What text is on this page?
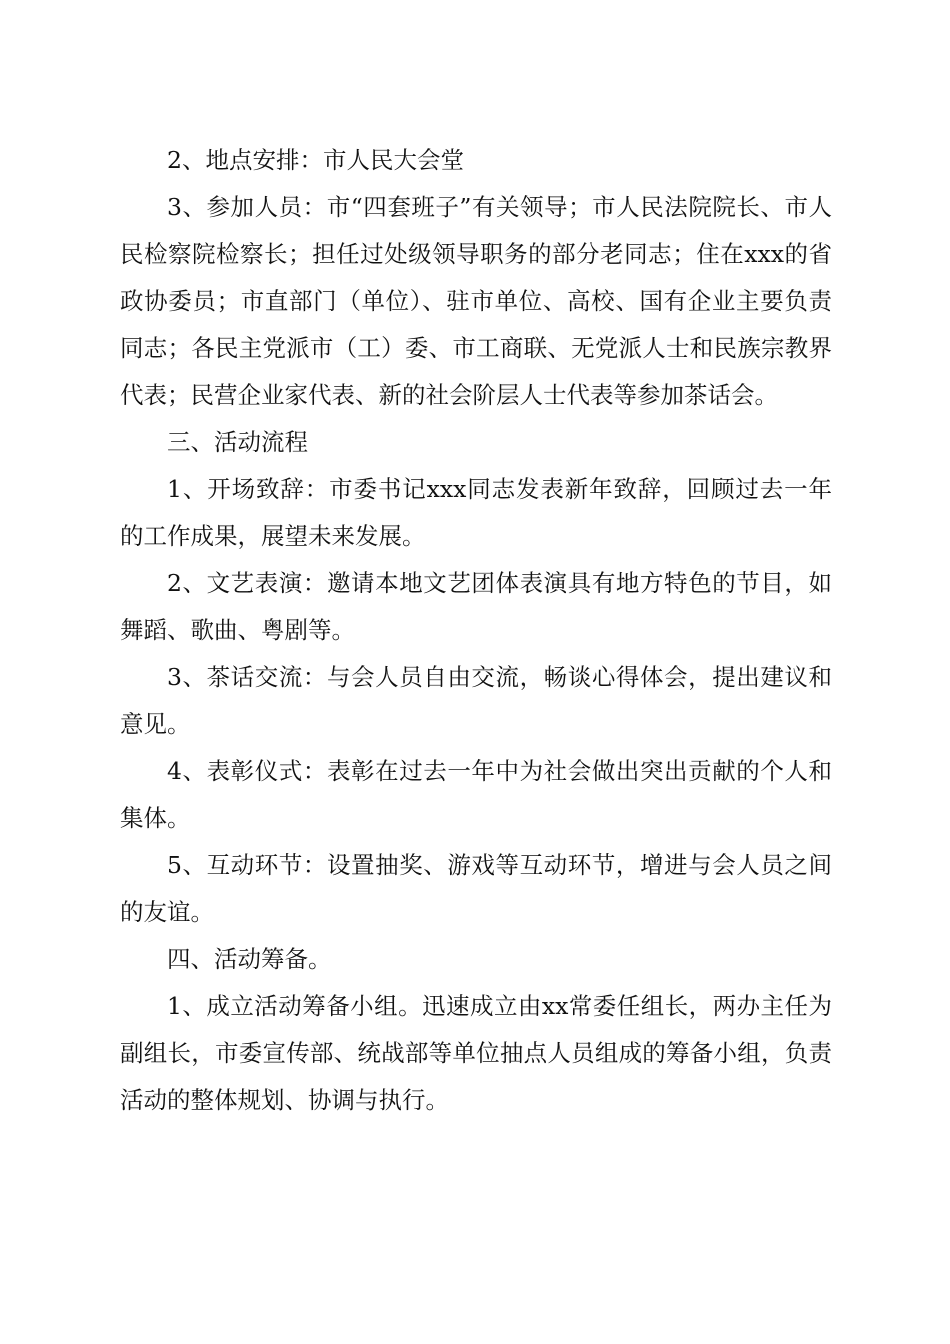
2、地点安排：市人民大会堂

3、参加人员：市“四套班子”有关领导；市人民法院院长、市人民检察院检察长；担任过处级领导职务的部分老同志；住在xxx的省政协委员；市直部门（单位）、驻市单位、高校、国有企业主要负责同志；各民主党派市（工）委、市工商联、无党派人士和民族宗教界代表；民营企业家代表、新的社会阶层人士代表等参加茶话会。

三、活动流程

1、开场致辞：市委书记xxx同志发表新年致辞，回顾过去一年的工作成果，展望未来发展。

2、文艺表演：邀请本地文艺团体表演具有地方特色的节目，如舞蹈、歌曲、粤剧等。

3、茶话交流：与会人员自由交流，畅谈心得体会，提出建议和意见。

4、表彰仪式：表彰在过去一年中为社会做出突出贡献的个人和集体。

5、互动环节：设置抽奖、游戏等互动环节，增进与会人员之间的友谊。

四、活动筹备。

1、成立活动筹备小组。迅速成立由xx常委任组长，两办主任为副组长，市委宣传部、统战部等单位抽点人员组成的筹备小组，负责活动的整体规划、协调与执行。
